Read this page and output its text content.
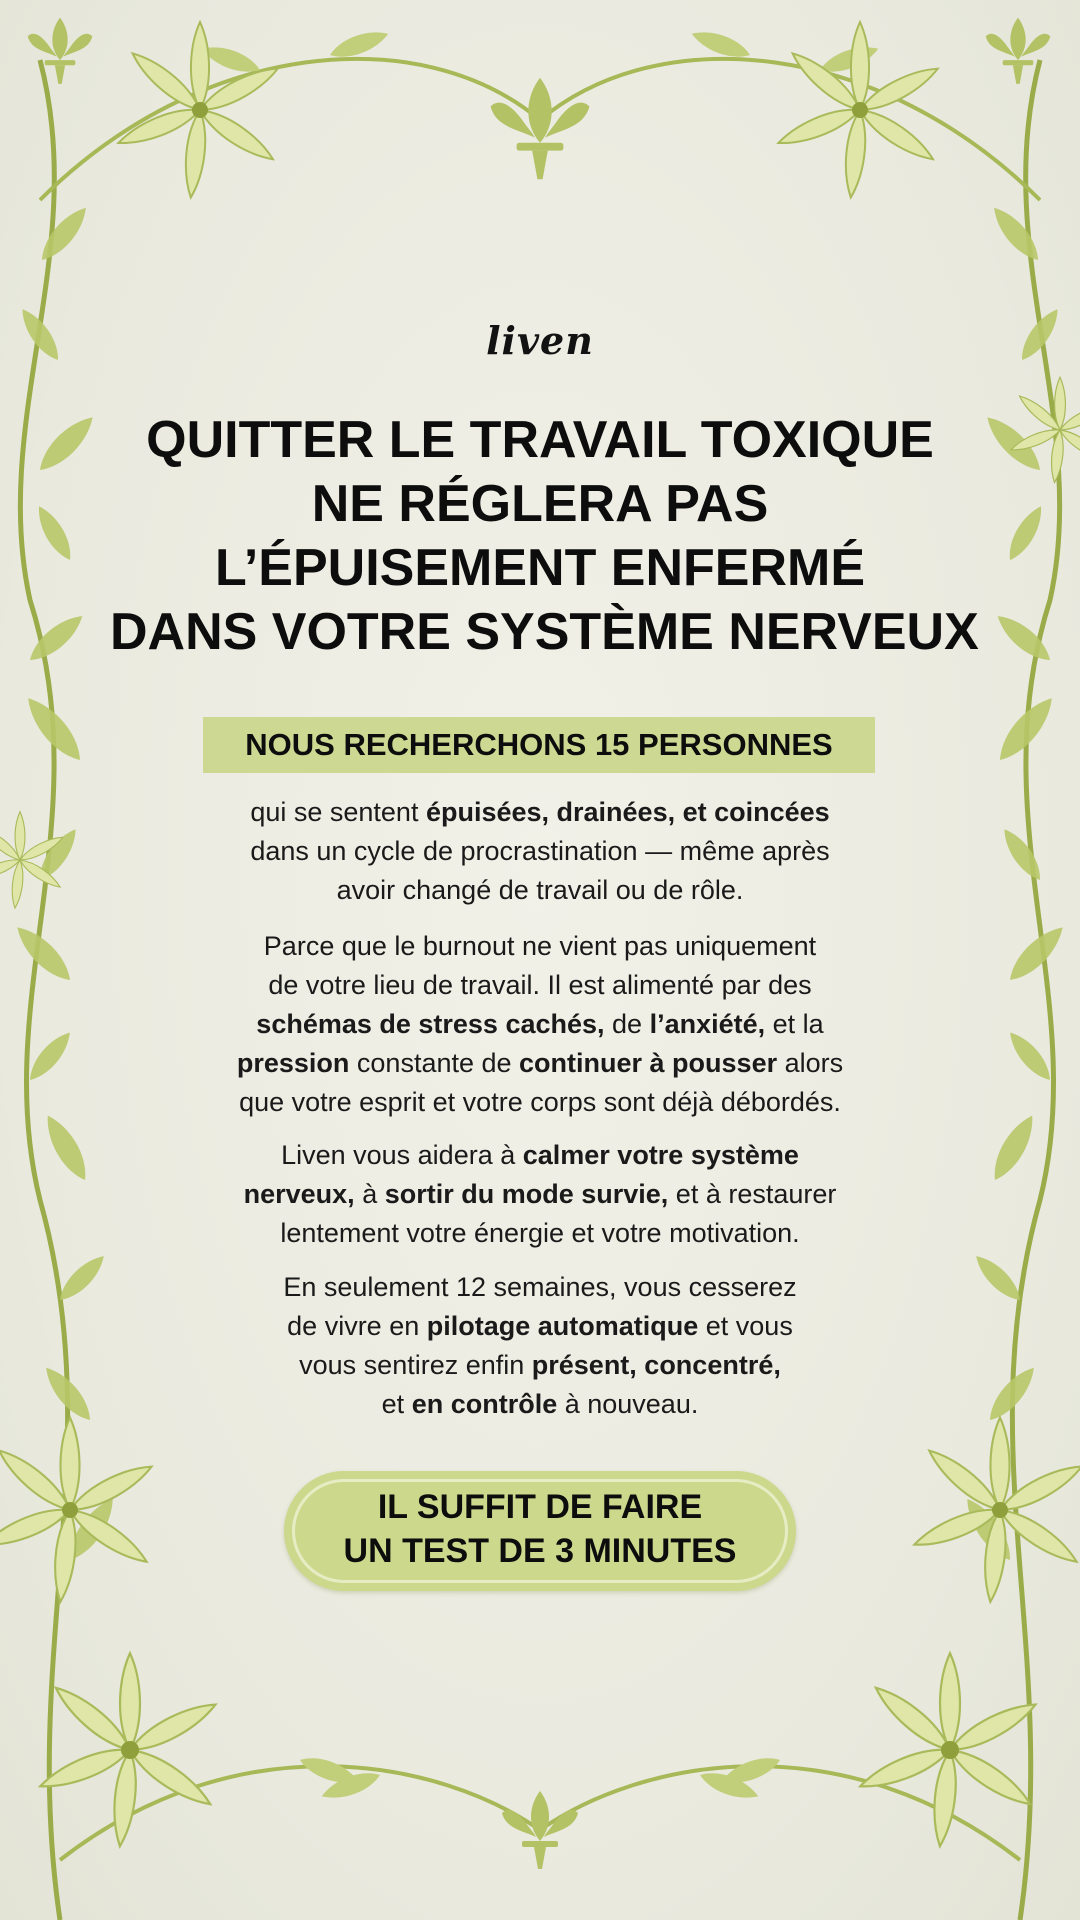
liven
QUITTER LE TRAVAIL TOXIQUE
NE RÉGLERA PAS
L’ÉPUISEMENT ENFERMÉ
DANS VOTRE SYSTÈME NERVEUX
NOUS RECHERCHONS 15 PERSONNES

qui se sentent épuisées, drainées, et coincées
dans un cycle de procrastination — même après
avoir changé de travail ou de rôle.

Parce que le burnout ne vient pas uniquement
de votre lieu de travail. Il est alimenté par des
schémas de stress cachés, de l’anxiété, et la
pression constante de continuer à pousser alors
que votre esprit et votre corps sont déjà débordés.

Liven vous aidera à calmer votre système
nerveux, à sortir du mode survie, et à restaurer
lentement votre énergie et votre motivation.

En seulement 12 semaines, vous cesserez
de vivre en pilotage automatique et vous
vous sentirez enfin présent, concentré,
et en contrôle à nouveau.

IL SUFFIT DE FAIRE
UN TEST DE 3 MINUTES
